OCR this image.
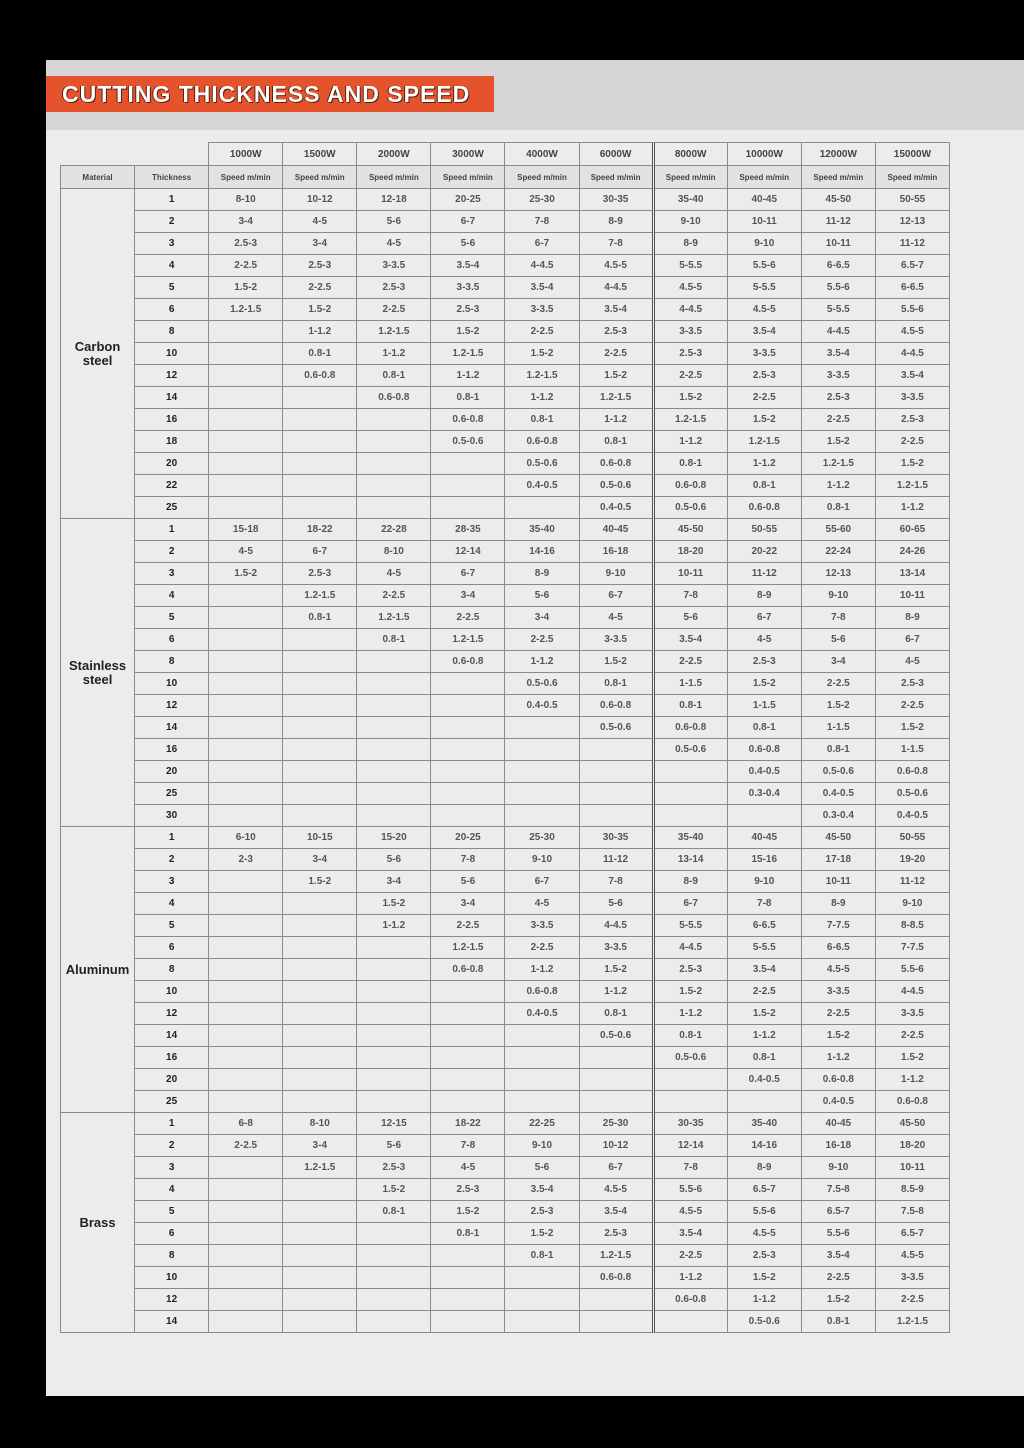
CUTTING THICKNESS AND SPEED
		1000W	1500W	2000W	3000W	4000W	6000W	8000W	10000W	12000W	15000W
Material	Thickness	Speed m/min	Speed m/min	Speed m/min	Speed m/min	Speed m/min	Speed m/min	Speed m/min	Speed m/min	Speed m/min	Speed m/min
Carbon steel	1	8-10	10-12	12-18	20-25	25-30	30-35	35-40	40-45	45-50	50-55
	2	3-4	4-5	5-6	6-7	7-8	8-9	9-10	10-11	11-12	12-13
	3	2.5-3	3-4	4-5	5-6	6-7	7-8	8-9	9-10	10-11	11-12
	4	2-2.5	2.5-3	3-3.5	3.5-4	4-4.5	4.5-5	5-5.5	5.5-6	6-6.5	6.5-7
	5	1.5-2	2-2.5	2.5-3	3-3.5	3.5-4	4-4.5	4.5-5	5-5.5	5.5-6	6-6.5
	6	1.2-1.5	1.5-2	2-2.5	2.5-3	3-3.5	3.5-4	4-4.5	4.5-5	5-5.5	5.5-6
	8		1-1.2	1.2-1.5	1.5-2	2-2.5	2.5-3	3-3.5	3.5-4	4-4.5	4.5-5
	10		0.8-1	1-1.2	1.2-1.5	1.5-2	2-2.5	2.5-3	3-3.5	3.5-4	4-4.5
	12		0.6-0.8	0.8-1	1-1.2	1.2-1.5	1.5-2	2-2.5	2.5-3	3-3.5	3.5-4
	14			0.6-0.8	0.8-1	1-1.2	1.2-1.5	1.5-2	2-2.5	2.5-3	3-3.5
	16				0.6-0.8	0.8-1	1-1.2	1.2-1.5	1.5-2	2-2.5	2.5-3
	18				0.5-0.6	0.6-0.8	0.8-1	1-1.2	1.2-1.5	1.5-2	2-2.5
	20					0.5-0.6	0.6-0.8	0.8-1	1-1.2	1.2-1.5	1.5-2
	22					0.4-0.5	0.5-0.6	0.6-0.8	0.8-1	1-1.2	1.2-1.5
	25						0.4-0.5	0.5-0.6	0.6-0.8	0.8-1	1-1.2
Stainless steel	1	15-18	18-22	22-28	28-35	35-40	40-45	45-50	50-55	55-60	60-65
	2	4-5	6-7	8-10	12-14	14-16	16-18	18-20	20-22	22-24	24-26
	3	1.5-2	2.5-3	4-5	6-7	8-9	9-10	10-11	11-12	12-13	13-14
	4		1.2-1.5	2-2.5	3-4	5-6	6-7	7-8	8-9	9-10	10-11
	5		0.8-1	1.2-1.5	2-2.5	3-4	4-5	5-6	6-7	7-8	8-9
	6			0.8-1	1.2-1.5	2-2.5	3-3.5	3.5-4	4-5	5-6	6-7
	8				0.6-0.8	1-1.2	1.5-2	2-2.5	2.5-3	3-4	4-5
	10					0.5-0.6	0.8-1	1-1.5	1.5-2	2-2.5	2.5-3
	12					0.4-0.5	0.6-0.8	0.8-1	1-1.5	1.5-2	2-2.5
	14						0.5-0.6	0.6-0.8	0.8-1	1-1.5	1.5-2
	16							0.5-0.6	0.6-0.8	0.8-1	1-1.5
	20								0.4-0.5	0.5-0.6	0.6-0.8
	25								0.3-0.4	0.4-0.5	0.5-0.6
	30									0.3-0.4	0.4-0.5
Aluminum	1	6-10	10-15	15-20	20-25	25-30	30-35	35-40	40-45	45-50	50-55
	2	2-3	3-4	5-6	7-8	9-10	11-12	13-14	15-16	17-18	19-20
	3		1.5-2	3-4	5-6	6-7	7-8	8-9	9-10	10-11	11-12
	4			1.5-2	3-4	4-5	5-6	6-7	7-8	8-9	9-10
	5			1-1.2	2-2.5	3-3.5	4-4.5	5-5.5	6-6.5	7-7.5	8-8.5
	6				1.2-1.5	2-2.5	3-3.5	4-4.5	5-5.5	6-6.5	7-7.5
	8				0.6-0.8	1-1.2	1.5-2	2.5-3	3.5-4	4.5-5	5.5-6
	10					0.6-0.8	1-1.2	1.5-2	2-2.5	3-3.5	4-4.5
	12					0.4-0.5	0.8-1	1-1.2	1.5-2	2-2.5	3-3.5
	14						0.5-0.6	0.8-1	1-1.2	1.5-2	2-2.5
	16							0.5-0.6	0.8-1	1-1.2	1.5-2
	20								0.4-0.5	0.6-0.8	1-1.2
	25									0.4-0.5	0.6-0.8
Brass	1	6-8	8-10	12-15	18-22	22-25	25-30	30-35	35-40	40-45	45-50
	2	2-2.5	3-4	5-6	7-8	9-10	10-12	12-14	14-16	16-18	18-20
	3		1.2-1.5	2.5-3	4-5	5-6	6-7	7-8	8-9	9-10	10-11
	4			1.5-2	2.5-3	3.5-4	4.5-5	5.5-6	6.5-7	7.5-8	8.5-9
	5			0.8-1	1.5-2	2.5-3	3.5-4	4.5-5	5.5-6	6.5-7	7.5-8
	6				0.8-1	1.5-2	2.5-3	3.5-4	4.5-5	5.5-6	6.5-7
	8					0.8-1	1.2-1.5	2-2.5	2.5-3	3.5-4	4.5-5
	10						0.6-0.8	1-1.2	1.5-2	2-2.5	3-3.5
	12							0.6-0.8	1-1.2	1.5-2	2-2.5
	14								0.5-0.6	0.8-1	1.2-1.5
